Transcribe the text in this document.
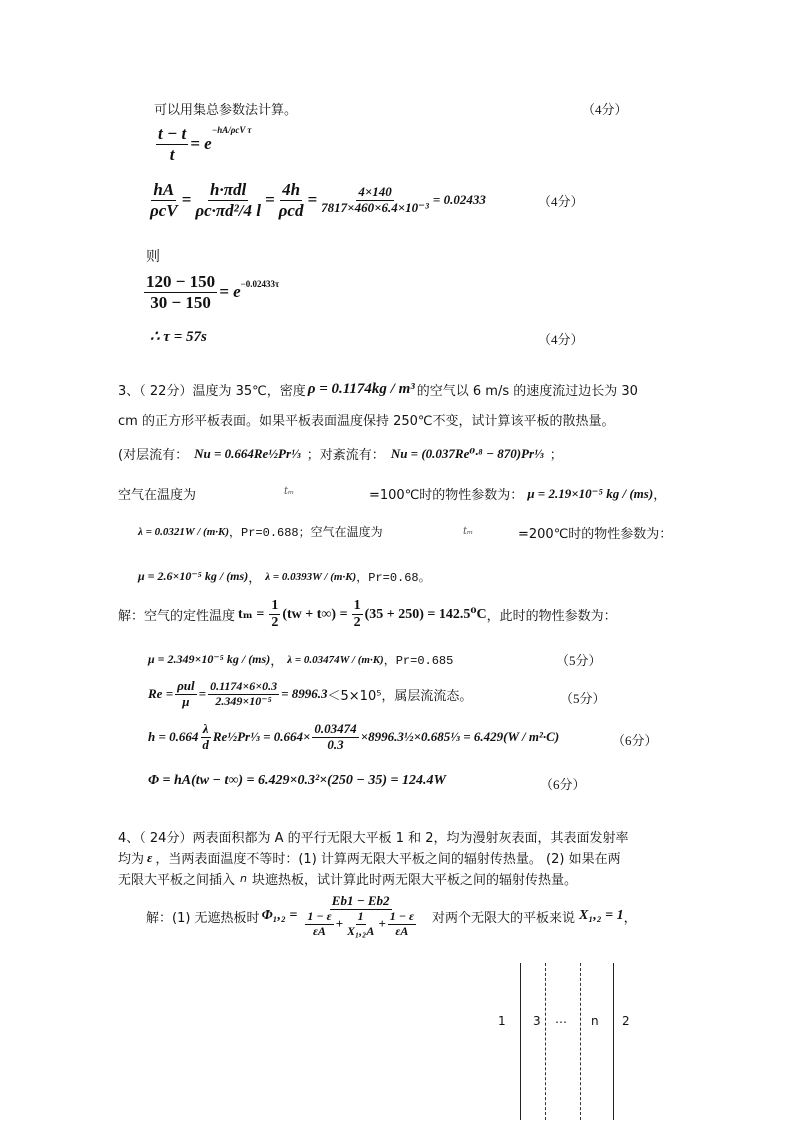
可以用集总参数法计算。	（4分）
$\frac{t - t}{t} = e$
$^{-hA/\rho cV \tau}$
$\frac{hA}{\text{ρcV}} = \frac{\text{h·πdl}}{\text{ρc·πd²/4 l}} = \frac{4h}{\text{ρcd}} = \frac{4\times 140}{\text{7817×460×6.4×10⁻³}} = 0.02433$	（4分）
则
$\frac{120 - 150}{30 - 150} = e^{-0.02433\tau}$
∴ τ = 57s	（4分）
3、（ 22分）温度为 35℃，密度 ρ = 0.1174kg / m³ 的空气以 6 m/s 的速度流过边长为 30
cm 的正方形平板表面。如果平板表面温度保持 250℃不变，试计算该平板的散热量。
(对层流有： Nu = 0.664Re½Pr⅓ ；对紊流有： Nu = (0.037Re⁰·⁸ − 870)Pr⅓ ；
空气在温度为	tₘ	=100℃时的物性参数为： μ = 2.19×10⁻⁵ kg / (ms) ，
λ = 0.0321W / (m·K) ，Pr=0.688；空气在温度为	tₘ	=200℃时的物性参数为：
μ = 2.6×10⁻⁵ kg / (ms) ， λ = 0.0393W / (m·K) ，Pr=0.68。
解：空气的定性温度 $t_m = \frac{1}{2} (tw + t\infty) = \frac{1}{2} (35 + 250) = 142.5^0C$ ，此时的物性参数为：
μ = 2.349×10⁻⁵ kg / (ms) ， λ = 0.03474W / (m·K) ，Pr=0.685	（5分）
$Re = \frac{\text{ρul}}{\mu} = \frac{0.1174\times 6\times 0.3}{\text{2.349×10⁻⁵}} = 8996.3 <5\times 10^5$，属层流流态。	（5分）
$h = 0.664 \frac{\lambda}{d}$ Re½Pr⅓ = $0.664\times \frac{0.03474}{0.3}$ ×8996.3½×0.685⅓ = 6.429(W / m²·C)	（6分）
Φ = hA(tw − t∞) = 6.429×0.3²×(250 − 35) = 124.4W	（6分）
4、（ 24分）两表面积都为 A 的平行无限大平板 1 和 2，均为漫射灰表面，其表面发射率
均为 ε ，当两表面温度不等时：(1) 计算两无限大平板之间的辐射传热量。 (2) 如果在两
无限大平板之间插入 n 块遮热板，试计算此时两无限大平板之间的辐射传热量。
解：(1) 无遮热板时 $\Phi_1,_2 = \frac{Eb1 - Eb2}{\frac{1 - \varepsilon}{\varepsilon A} + \frac{1}{\text{X₁,₂A}} + \frac{1 - \varepsilon}{\varepsilon A}}$ 对两个无限大的平板来说 X₁,₂ = 1 ，
1 3 … n 2
